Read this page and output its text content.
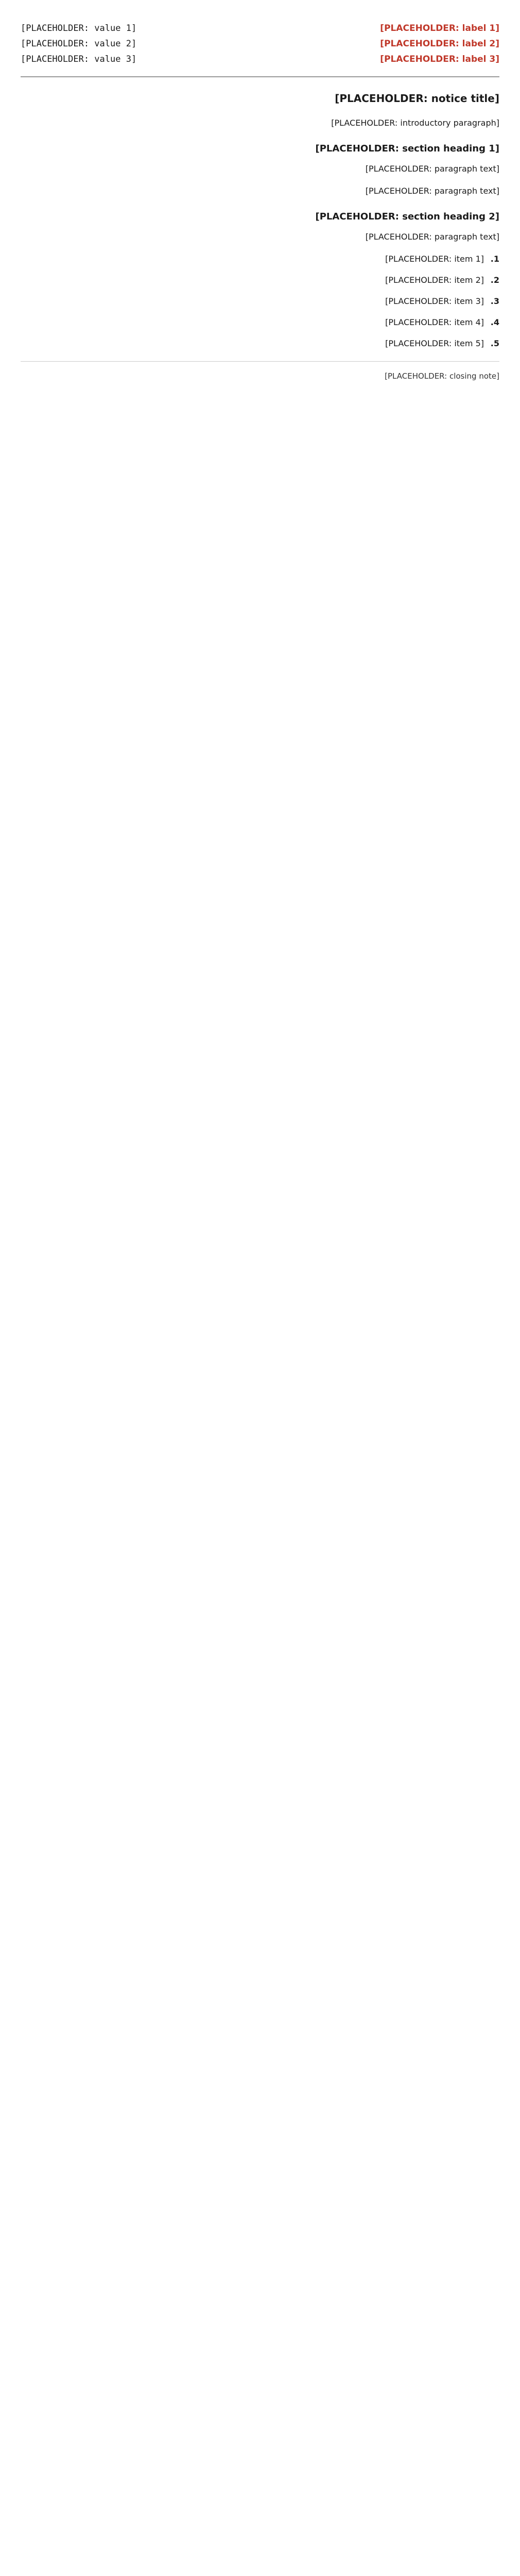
[PLACEHOLDER: label 1]
[PLACEHOLDER: value 1]
[PLACEHOLDER: label 2]
[PLACEHOLDER: value 2]
[PLACEHOLDER: label 3]
[PLACEHOLDER: value 3]
[PLACEHOLDER: notice title]

[PLACEHOLDER: introductory paragraph]

[PLACEHOLDER: section heading 1]

[PLACEHOLDER: paragraph text]

[PLACEHOLDER: paragraph text]

[PLACEHOLDER: section heading 2]

[PLACEHOLDER: paragraph text]

1.
[PLACEHOLDER: item 1]
2.
[PLACEHOLDER: item 2]
3.
[PLACEHOLDER: item 3]
4.
[PLACEHOLDER: item 4]
5.
[PLACEHOLDER: item 5]
[PLACEHOLDER: closing note]
